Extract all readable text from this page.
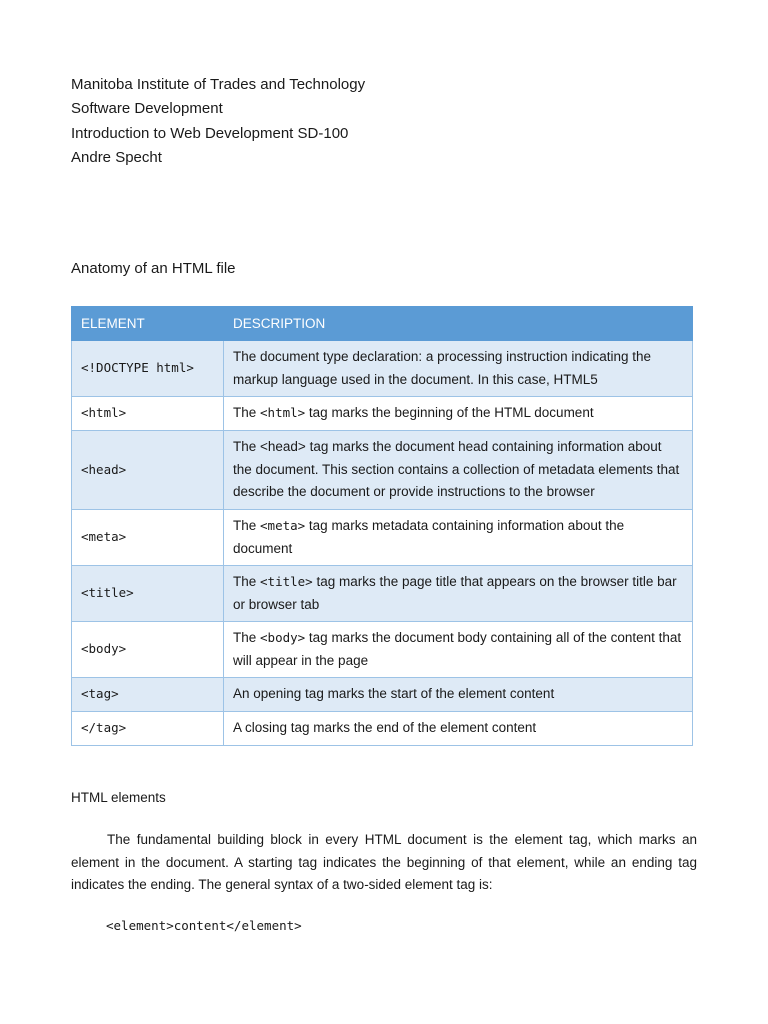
Manitoba Institute of Trades and Technology
Software Development
Introduction to Web Development SD-100
Andre Specht
Anatomy of an HTML file
ELEMENT	DESCRIPTION
<!DOCTYPE html>	The document type declaration: a processing instruction indicating the markup language used in the document. In this case, HTML5
<html>	The <html> tag marks the beginning of the HTML document
<head>	The <head> tag marks the document head containing information about the document. This section contains a collection of metadata elements that describe the document or provide instructions to the browser
<meta>	The <meta> tag marks metadata containing information about the document
<title>	The <title> tag marks the page title that appears on the browser title bar or browser tab
<body>	The <body> tag marks the document body containing all of the content that will appear in the page
<tag>	An opening tag marks the start of the element content
</tag>	A closing tag marks the end of the element content
HTML elements
The fundamental building block in every HTML document is the element tag, which marks an element in the document. A starting tag indicates the beginning of that element, while an ending tag indicates the ending. The general syntax of a two-sided element tag is:
<element>content</element>
